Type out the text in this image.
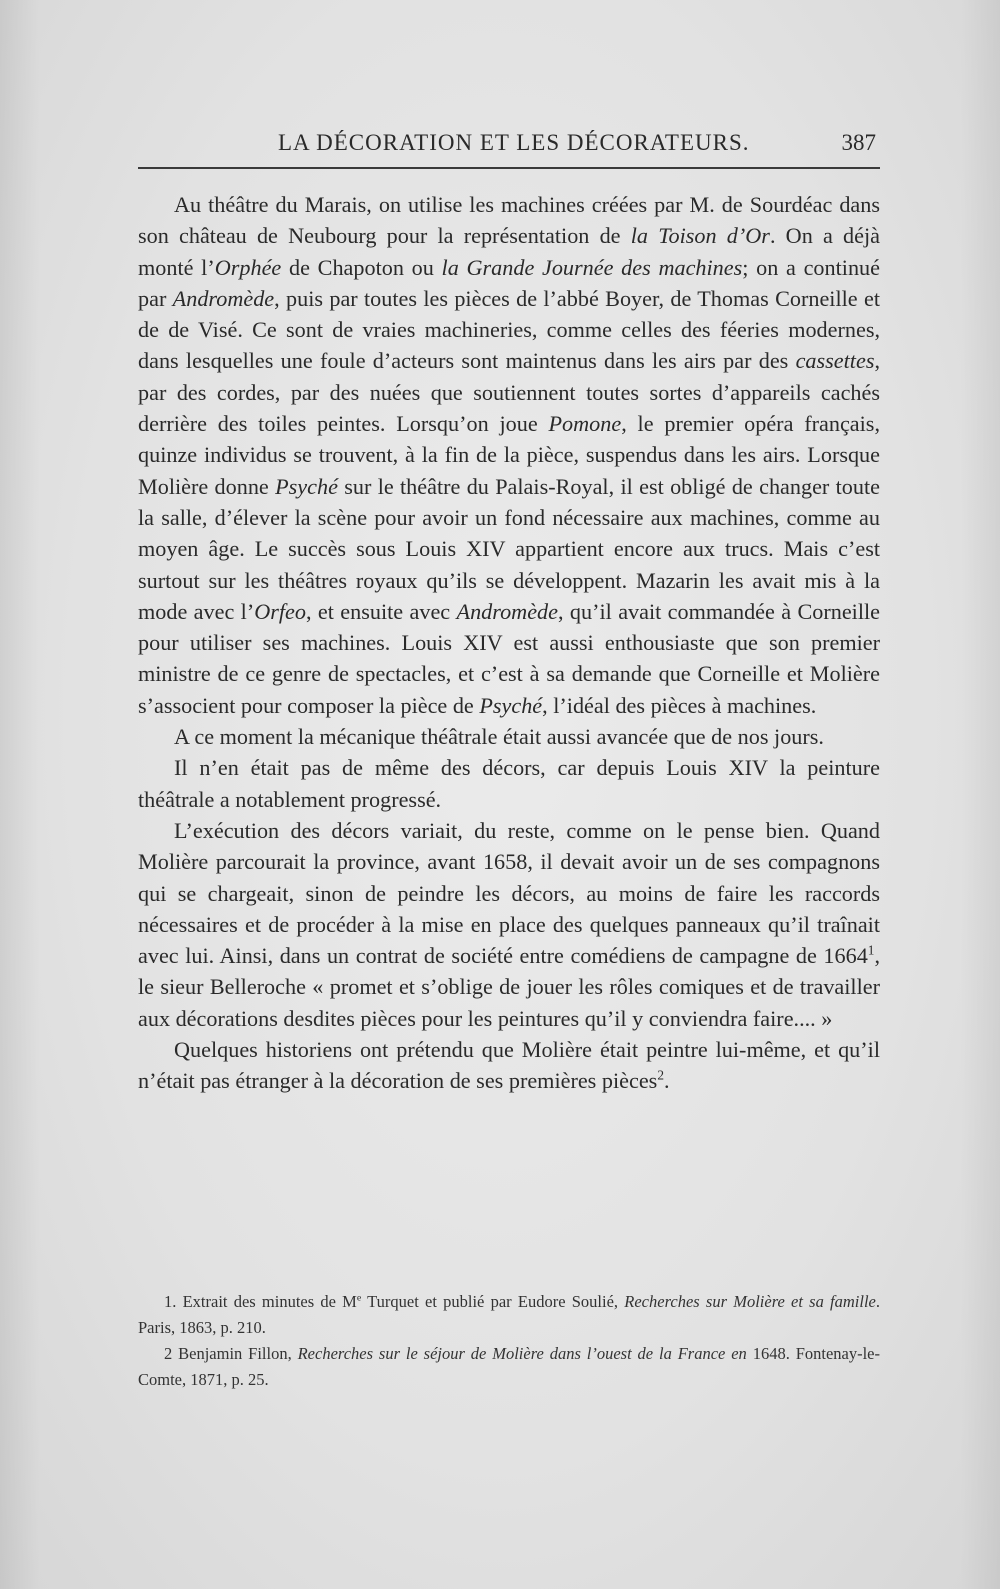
LA DÉCORATION ET LES DÉCORATEURS.	387

Au théâtre du Marais, on utilise les machines créées par M. de Sourdéac dans son château de Neubourg pour la représentation de la Toison d’Or. On a déjà monté l’Orphée de Chapoton ou la Grande Journée des machines; on a continué par Andromède, puis par toutes les pièces de l’abbé Boyer, de Thomas Corneille et de de Visé. Ce sont de vraies machineries, comme celles des féeries modernes, dans lesquelles une foule d’acteurs sont maintenus dans les airs par des cassettes, par des cordes, par des nuées que soutiennent toutes sortes d’appareils cachés derrière des toiles peintes. Lorsqu’on joue Pomone, le premier opéra français, quinze individus se trouvent, à la fin de la pièce, suspendus dans les airs. Lorsque Molière donne Psyché sur le théâtre du Palais-Royal, il est obligé de changer toute la salle, d’élever la scène pour avoir un fond nécessaire aux machines, comme au moyen âge. Le succès sous Louis XIV appartient encore aux trucs. Mais c’est surtout sur les théâtres royaux qu’ils se développent. Mazarin les avait mis à la mode avec l’Orfeo, et ensuite avec Andromède, qu’il avait commandée à Corneille pour utiliser ses machines. Louis XIV est aussi enthousiaste que son premier ministre de ce genre de spectacles, et c’est à sa demande que Corneille et Molière s’associent pour composer la pièce de Psyché, l’idéal des pièces à machines.

A ce moment la mécanique théâtrale était aussi avancée que de nos jours.

Il n’en était pas de même des décors, car depuis Louis XIV la peinture théâtrale a notablement progressé.

L’exécution des décors variait, du reste, comme on le pense bien. Quand Molière parcourait la province, avant 1658, il devait avoir un de ses compagnons qui se chargeait, sinon de peindre les décors, au moins de faire les raccords nécessaires et de procéder à la mise en place des quelques panneaux qu’il traînait avec lui. Ainsi, dans un contrat de société entre comédiens de campagne de 1664$^1$, le sieur Belleroche « promet et s’oblige de jouer les rôles comiques et de travailler aux décorations desdites pièces pour les peintures qu’il y conviendra faire.... »

Quelques historiens ont prétendu que Molière était peintre lui-même, et qu’il n’était pas étranger à la décoration de ses premières pièces$^2$.

1. Extrait des minutes de Me Turquet et publié par Eudore Soulié, Recherches sur Molière et sa famille. Paris, 1863, p. 210.

2 Benjamin Fillon, Recherches sur le séjour de Molière dans l’ouest de la France en 1648. Fontenay-le-Comte, 1871, p. 25.
